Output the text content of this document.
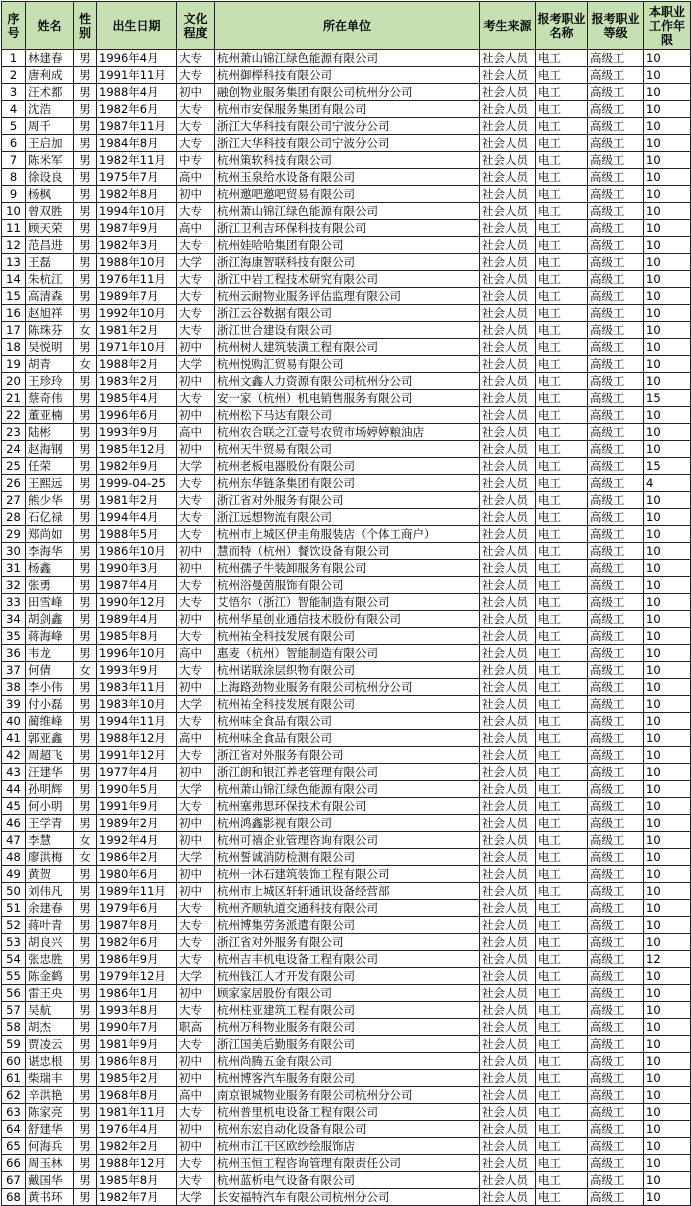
序号	姓名	性别	出生日期	文化程度	所在单位	考生来源	报考职业名称	报考职业等级	本职业工作年限
1	林建春	男	1996年4月	大专	杭州萧山锦江绿色能源有限公司	社会人员	电工	高级工	10
2	唐利成	男	1991年11月	大专	杭州御榉科技有限公司	社会人员	电工	高级工	10
3	汪术都	男	1988年4月	初中	融创物业服务集团有限公司杭州分公司	社会人员	电工	高级工	10
4	沈浩	男	1982年6月	大专	杭州市安保服务集团有限公司	社会人员	电工	高级工	10
5	周千	男	1987年11月	大专	浙江大华科技有限公司宁波分公司	社会人员	电工	高级工	10
6	王启加	男	1984年8月	大专	浙江大华科技有限公司宁波分公司	社会人员	电工	高级工	10
7	陈米军	男	1982年11月	中专	杭州策软科技有限公司	社会人员	电工	高级工	10
8	徐设良	男	1975年7月	高中	杭州玉泉给水设备有限公司	社会人员	电工	高级工	10
9	杨枫	男	1982年8月	初中	杭州邀吧邀吧贸易有限公司	社会人员	电工	高级工	10
10	曾双胜	男	1994年10月	大专	杭州萧山锦江绿色能源有限公司	社会人员	电工	高级工	10
11	顾天荣	男	1987年9月	高中	浙江卫利吉环保科技有限公司	社会人员	电工	高级工	10
12	范昌进	男	1982年3月	大专	杭州娃哈哈集团有限公司	社会人员	电工	高级工	10
13	王磊	男	1988年10月	大学	浙江海康智联科技有限公司	社会人员	电工	高级工	10
14	朱杭江	男	1976年11月	大专	浙江中岩工程技术研究有限公司	社会人员	电工	高级工	10
15	高清森	男	1989年7月	大专	杭州云耐物业服务评估监理有限公司	社会人员	电工	高级工	10
16	赵旭祥	男	1992年10月	大专	浙江云谷数据有限公司	社会人员	电工	高级工	10
17	陈珠芬	女	1981年2月	大专	浙江世合建设有限公司	社会人员	电工	高级工	10
18	吴悦明	男	1971年10月	初中	杭州树人建筑装潢工程有限公司	社会人员	电工	高级工	10
19	胡青	女	1988年2月	大学	杭州悦购汇贸易有限公司	社会人员	电工	高级工	10
20	王珍玲	男	1983年2月	初中	杭州文鑫人力资源有限公司杭州分公司	社会人员	电工	高级工	10
21	蔡奇伟	男	1985年4月	大专	安一家（杭州）机电销售服务有限公司	社会人员	电工	高级工	15
22	董亚楠	男	1996年6月	初中	杭州松下马达有限公司	社会人员	电工	高级工	10
23	陆彬	男	1993年9月	高中	杭州农合联之江壹号农贸市场婷婷粮油店	社会人员	电工	高级工	10
24	赵海钢	男	1985年12月	初中	杭州天牛贸易有限公司	社会人员	电工	高级工	10
25	任荣	男	1982年9月	大学	杭州老板电器股份有限公司	社会人员	电工	高级工	15
26	王熙远	男	1999-04-25	大专	杭州东华链条集团有限公司	社会人员	电工	高级工	4
27	熊少华	男	1981年2月	大专	浙江省对外服务有限公司	社会人员	电工	高级工	10
28	石亿禄	男	1994年4月	大专	浙江远想物流有限公司	社会人员	电工	高级工	10
29	郑尚如	男	1988年5月	大专	杭州市上城区伊圭角服装店（个体工商户）	社会人员	电工	高级工	10
30	李海华	男	1986年10月	初中	慧而特（杭州）餐饮设备有限公司	社会人员	电工	高级工	10
31	杨鑫	男	1990年3月	初中	杭州孺子牛装卸服务有限公司	社会人员	电工	高级工	10
32	张勇	男	1987年4月	大专	杭州浴曼茵服饰有限公司	社会人员	电工	高级工	10
33	田雪峰	男	1990年12月	大专	艾悟尔（浙江）智能制造有限公司	社会人员	电工	高级工	10
34	胡剑鑫	男	1989年4月	初中	杭州华星创业通信技术股份有限公司	社会人员	电工	高级工	10
35	蒋海峰	男	1985年8月	大专	杭州祐全科技发展有限公司	社会人员	电工	高级工	10
36	韦龙	男	1996年10月	高中	惠麦（杭州）智能制造有限公司	社会人员	电工	高级工	10
37	何倩	女	1993年9月	大专	杭州诺联涂层织物有限公司	社会人员	电工	高级工	10
38	李小伟	男	1983年11月	初中	上海路劲物业服务有限公司杭州分公司	社会人员	电工	高级工	10
39	付小磊	男	1983年10月	大学	杭州祐全科技发展有限公司	社会人员	电工	高级工	10
40	蔺维峰	男	1994年11月	大专	杭州味全食品有限公司	社会人员	电工	高级工	10
41	郭亚鑫	男	1988年12月	高中	杭州味全食品有限公司	社会人员	电工	高级工	10
42	周超飞	男	1991年12月	大专	浙江省对外服务有限公司	社会人员	电工	高级工	10
43	汪建华	男	1977年4月	初中	浙江朗和银江养老管理有限公司	社会人员	电工	高级工	10
44	孙明辉	男	1990年5月	大学	杭州萧山锦江绿色能源有限公司	社会人员	电工	高级工	10
45	何小明	男	1991年9月	大专	杭州塞弗思环保技术有限公司	社会人员	电工	高级工	10
46	王学青	男	1989年2月	初中	杭州鸿鑫影视有限公司	社会人员	电工	高级工	10
47	李慧	女	1992年4月	初中	杭州可禧企业管理咨询有限公司	社会人员	电工	高级工	10
48	廖洪梅	女	1986年2月	大学	杭州誓诚消防检测有限公司	社会人员	电工	高级工	10
49	黄贺	男	1980年6月	初中	杭州一沐石建筑装饰工程有限公司	社会人员	电工	高级工	10
50	刘伟凡	男	1989年11月	初中	杭州市上城区轩轩通讯设备经营部	社会人员	电工	高级工	10
51	余建春	男	1979年6月	大专	杭州齐顺轨道交通科技有限公司	社会人员	电工	高级工	10
52	蒋叶青	男	1987年8月	大专	杭州博集劳务派遣有限公司	社会人员	电工	高级工	10
53	胡良兴	男	1982年6月	大专	浙江省对外服务有限公司	社会人员	电工	高级工	10
54	张忠胜	男	1986年9月	大专	杭州吉丰机电设备工程有限公司	社会人员	电工	高级工	12
55	陈金鹤	男	1979年12月	大学	杭州钱江人才开发有限公司	社会人员	电工	高级工	10
56	雷王央	男	1986年1月	初中	顾家家居股份有限公司	社会人员	电工	高级工	10
57	吴航	男	1993年8月	大专	杭州柱亚建筑工程有限公司	社会人员	电工	高级工	10
58	胡杰	男	1990年7月	职高	杭州万科物业服务有限公司	社会人员	电工	高级工	10
59	贾凌云	男	1981年9月	大专	浙江国美后勤服务有限公司	社会人员	电工	高级工	10
60	谌忠根	男	1986年8月	初中	杭州尚腾五金有限公司	社会人员	电工	高级工	10
61	柴瑞丰	男	1985年2月	初中	杭州博客汽车服务有限公司	社会人员	电工	高级工	10
62	辛洪艳	男	1968年8月	高中	南京银城物业服务有限公司杭州分公司	社会人员	电工	高级工	10
63	陈家亮	男	1981年11月	大专	杭州普里机电设备工程有限公司	社会人员	电工	高级工	10
64	舒建华	男	1976年4月	初中	杭州东宏自动化设备有限公司	社会人员	电工	高级工	10
65	何海兵	男	1982年2月	初中	杭州市江干区欧纱绘服饰店	社会人员	电工	高级工	10
66	周玉林	男	1988年12月	大专	杭州玉恒工程咨询管理有限责任公司	社会人员	电工	高级工	10
67	戴国华	男	1985年8月	大专	杭州蓝析电气设备有限公司	社会人员	电工	高级工	10
68	黄书环	男	1982年7月	大学	长安福特汽车有限公司杭州分公司	社会人员	电工	高级工	10
